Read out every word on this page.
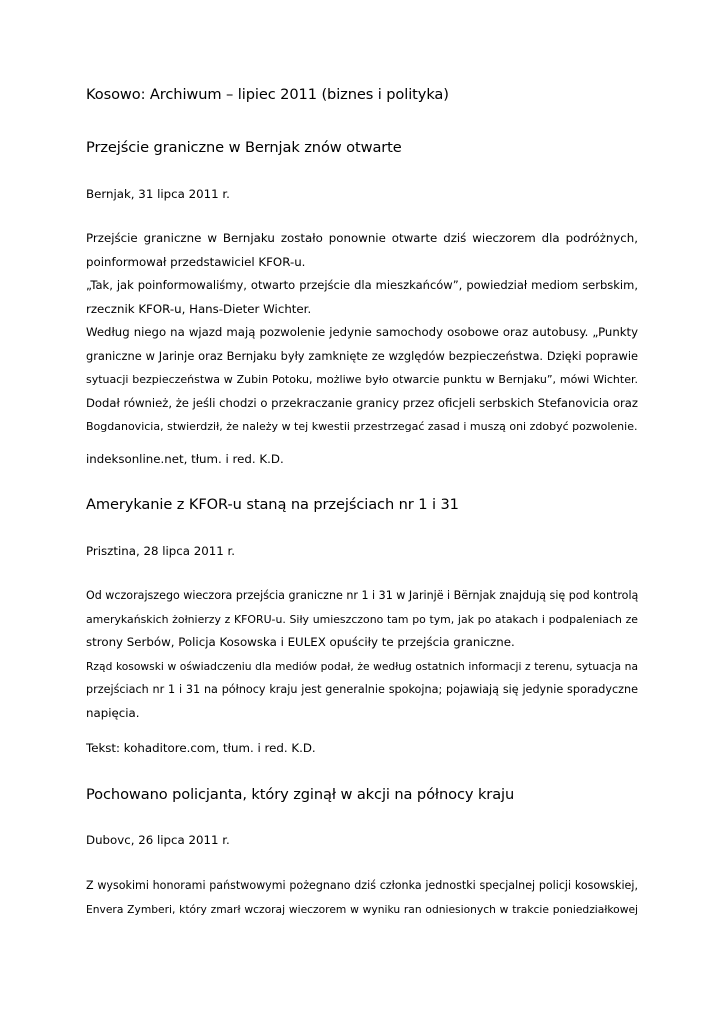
Kosowo: Archiwum – lipiec 2011 (biznes i polityka)
Przejście graniczne w Bernjak znów otwarte
Bernjak, 31 lipca 2011 r.
Przejście graniczne w Bernjaku zostało ponownie otwarte dziś wieczorem dla podróżnych,
poinformował przedstawiciel KFOR-u.
„Tak, jak poinformowaliśmy, otwarto przejście dla mieszkańców”, powiedział mediom serbskim,
rzecznik KFOR-u, Hans-Dieter Wichter.
Według niego na wjazd mają pozwolenie jedynie samochody osobowe oraz autobusy. „Punkty
graniczne w Jarinje oraz Bernjaku były zamknięte ze względów bezpieczeństwa. Dzięki poprawie
sytuacji bezpieczeństwa w Zubin Potoku, możliwe było otwarcie punktu w Bernjaku”, mówi Wichter.
Dodał również, że jeśli chodzi o przekraczanie granicy przez oficjeli serbskich Stefanovicia oraz
Bogdanovicia, stwierdził, że należy w tej kwestii przestrzegać zasad i muszą oni zdobyć pozwolenie.
indeksonline.net, tłum. i red. K.D.
Amerykanie z KFOR-u staną na przejściach nr 1 i 31
Prisztina, 28 lipca 2011 r.
Od wczorajszego wieczora przejścia graniczne nr 1 i 31 w Jarinjë i Bërnjak znajdują się pod kontrolą
amerykańskich żołnierzy z KFORU-u. Siły umieszczono tam po tym, jak po atakach i podpaleniach ze
strony Serbów, Policja Kosowska i EULEX opuściły te przejścia graniczne.
Rząd kosowski w oświadczeniu dla mediów podał, że według ostatnich informacji z terenu, sytuacja na
przejściach nr 1 i 31 na północy kraju jest generalnie spokojna; pojawiają się jedynie sporadyczne
napięcia.
Tekst: kohaditore.com, tłum. i red. K.D.
Pochowano policjanta, który zginął w akcji na północy kraju
Dubovc, 26 lipca 2011 r.
Z wysokimi honorami państwowymi pożegnano dziś członka jednostki specjalnej policji kosowskiej,
Envera Zymberi, który zmarł wczoraj wieczorem w wyniku ran odniesionych w trakcie poniedziałkowej
